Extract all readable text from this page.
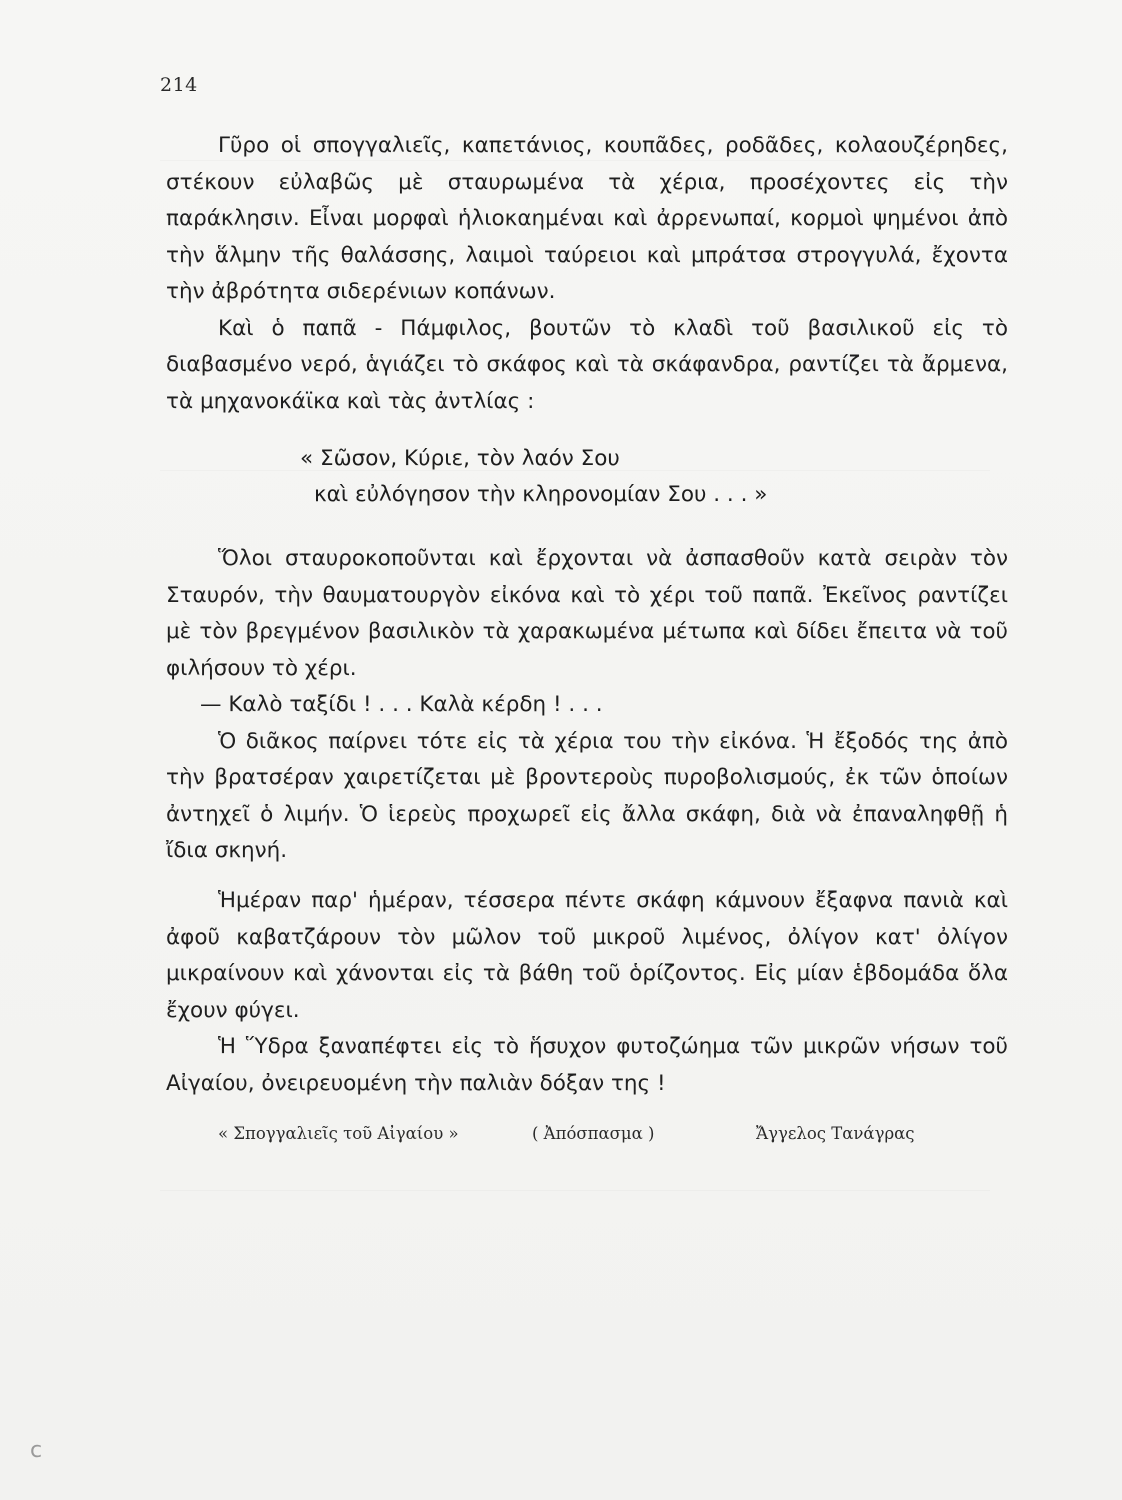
214

Γῦρο οἱ σπογγαλιεῖς, καπετάνιος, κουπᾶδες, ροδᾶδες, κολαουζέρηδες, στέκουν εὐλαβῶς μὲ σταυρωμένα τὰ χέρια, προσέχοντες εἰς τὴν παράκλησιν. Εἶναι μορφαὶ ἡλιοκαημέναι καὶ ἀρρενωπαί, κορμοὶ ψημένοι ἀπὸ τὴν ἅλμην τῆς θαλάσσης, λαιμοὶ ταύρειοι καὶ μπράτσα στρογγυλά, ἔχοντα τὴν ἀβρότητα σιδερένιων κοπάνων.

Καὶ ὁ παπᾶ - Πάμφιλος, βουτῶν τὸ κλαδὶ τοῦ βασιλικοῦ εἰς τὸ διαβασμένο νερό, ἁγιάζει τὸ σκάφος καὶ τὰ σκάφανδρα, ραντίζει τὰ ἄρμενα, τὰ μηχανοκάϊκα καὶ τὰς ἀντλίας :

« Σῶσον, Κύριε, τὸν λαόν Σου
καὶ εὐλόγησον τὴν κληρονομίαν Σου . . . »

Ὅλοι σταυροκοποῦνται καὶ ἔρχονται νὰ ἀσπασθοῦν κατὰ σειρὰν τὸν Σταυρόν, τὴν θαυματουργὸν εἰκόνα καὶ τὸ χέρι τοῦ παπᾶ. Ἐκεῖνος ραντίζει μὲ τὸν βρεγμένον βασιλικὸν τὰ χαρακωμένα μέτωπα καὶ δίδει ἔπειτα νὰ τοῦ φιλήσουν τὸ χέρι.

— Καλὸ ταξίδι ! . . . Καλὰ κέρδη ! . . .

Ὁ διᾶκος παίρνει τότε εἰς τὰ χέρια του τὴν εἰκόνα. Ἡ ἔξοδός της ἀπὸ τὴν βρατσέραν χαιρετίζεται μὲ βροντεροὺς πυροβολισμούς, ἐκ τῶν ὁποίων ἀντηχεῖ ὁ λιμήν. Ὁ ἱερεὺς προχωρεῖ εἰς ἄλλα σκάφη, διὰ νὰ ἐπαναληφθῇ ἡ ἴδια σκηνή.

Ἡμέραν παρ' ἡμέραν, τέσσερα πέντε σκάφη κάμνουν ἔξαφνα πανιὰ καὶ ἀφοῦ καβατζάρουν τὸν μῶλον τοῦ μικροῦ λιμένος, ὀλίγον κατ' ὀλίγον μικραίνουν καὶ χάνονται εἰς τὰ βάθη τοῦ ὁρίζοντος. Εἰς μίαν ἑβδομάδα ὅλα ἔχουν φύγει.

Ἡ Ὕδρα ξαναπέφτει εἰς τὸ ἥσυχον φυτοζώημα τῶν μικρῶν νήσων τοῦ Αἰγαίου, ὀνειρευομένη τὴν παλιὰν δόξαν της !

« Σπογγαλιεῖς τοῦ Αἰγαίου »	( Ἀπόσπασμα )	Ἄγγελος Τανάγρας
c
